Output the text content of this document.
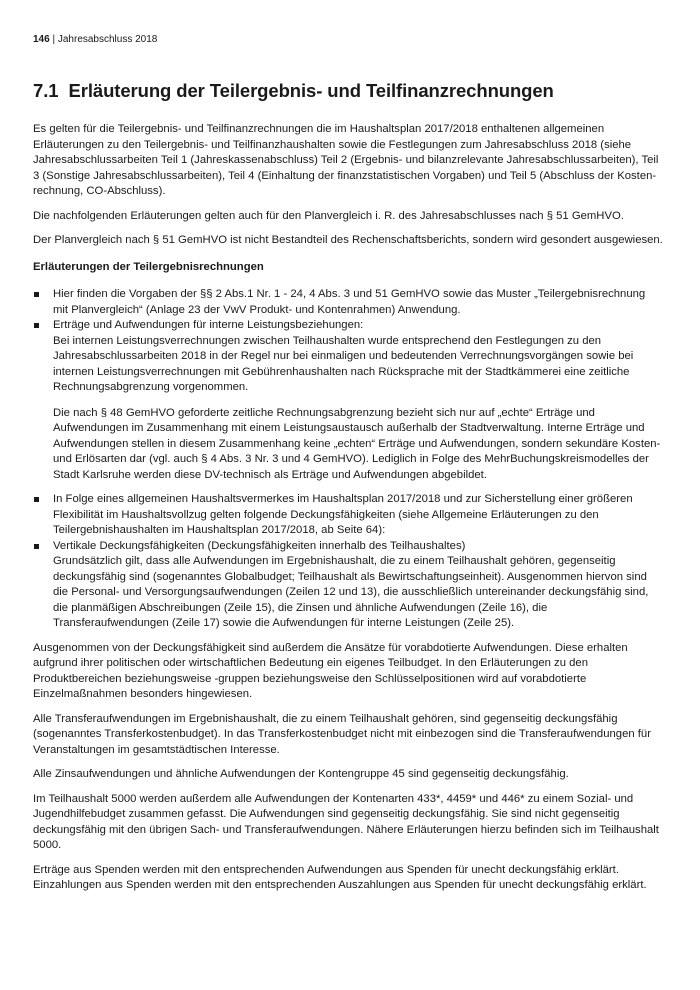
146 | Jahresabschluss 2018
7.1 Erläuterung der Teilergebnis- und Teilfinanzrechnungen

Es gelten für die Teilergebnis- und Teilfinanzrechnungen die im Haushaltsplan 2017/2018 enthaltenen allgemeinen Erläuterungen zu den Teilergebnis- und Teilfinanzhaushalten sowie die Festlegungen zum Jahresabschluss 2018 (siehe Jahresabschlussarbeiten Teil 1 (Jahreskassenabschluss) Teil 2 (Ergebnis- und bilanzrelevante Jahresabschlussarbeiten), Teil 3 (Sonstige Jahresabschlussarbeiten), Teil 4 (Einhaltung der finanzstatistischen Vorgaben) und Teil 5 (Abschluss der Kostenrechnung, CO-Abschluss).

Die nachfolgenden Erläuterungen gelten auch für den Planvergleich i. R. des Jahresabschlusses nach § 51 GemHVO.

Der Planvergleich nach § 51 GemHVO ist nicht Bestandteil des Rechenschaftsberichts, sondern wird gesondert ausgewiesen.

Erläuterungen der Teilergebnisrechnungen

Hier finden die Vorgaben der §§ 2 Abs.1 Nr. 1 - 24, 4 Abs. 3 und 51 GemHVO sowie das Muster „Teilergebnisrechnung mit Planvergleich“ (Anlage 23 der VwV Produkt- und Kontenrahmen) Anwendung.
Erträge und Aufwendungen für interne Leistungsbeziehungen:
Bei internen Leistungsverrechnungen zwischen Teilhaushalten wurde entsprechend den Festlegungen zu den Jahresabschlussarbeiten 2018 in der Regel nur bei einmaligen und bedeutenden Verrechnungsvorgängen sowie bei internen Leistungsverrechnungen mit Gebührenhaushalten nach Rücksprache mit der Stadtkämmerei eine zeitliche Rechnungsabgrenzung vorgenommen.
Die nach § 48 GemHVO geforderte zeitliche Rechnungsabgrenzung bezieht sich nur auf „echte“ Erträge und Aufwendungen im Zusammenhang mit einem Leistungsaustausch außerhalb der Stadtverwaltung. Interne Erträge und Aufwendungen stellen in diesem Zusammenhang keine „echten“ Erträge und Aufwendungen, sondern sekundäre Kosten- und Erlösarten dar (vgl. auch § 4 Abs. 3 Nr. 3 und 4 GemHVO). Lediglich in Folge des MehrBuchungskreismodelles der Stadt Karlsruhe werden diese DV-technisch als Erträge und Aufwendungen abgebildet.
In Folge eines allgemeinen Haushaltsvermerkes im Haushaltsplan 2017/2018 und zur Sicherstellung einer größeren Flexibilität im Haushaltsvollzug gelten folgende Deckungsfähigkeiten (siehe Allgemeine Erläuterungen zu den Teilergebnishaushalten im Haushaltsplan 2017/2018, ab Seite 64):
Vertikale Deckungsfähigkeiten (Deckungsfähigkeiten innerhalb des Teilhaushaltes)
Grundsätzlich gilt, dass alle Aufwendungen im Ergebnishaushalt, die zu einem Teilhaushalt gehören, gegenseitig deckungsfähig sind (sogenanntes Globalbudget; Teilhaushalt als Bewirtschaftungseinheit). Ausgenommen hiervon sind die Personal- und Versorgungsaufwendungen (Zeilen 12 und 13), die ausschließlich untereinander deckungsfähig sind, die planmäßigen Abschreibungen (Zeile 15), die Zinsen und ähnliche Aufwendungen (Zeile 16), die Transferaufwendungen (Zeile 17) sowie die Aufwendungen für interne Leistungen (Zeile 25).

Ausgenommen von der Deckungsfähigkeit sind außerdem die Ansätze für vorabdotierte Aufwendungen. Diese erhalten aufgrund ihrer politischen oder wirtschaftlichen Bedeutung ein eigenes Teilbudget. In den Erläuterungen zu den Produktbereichen beziehungsweise -gruppen beziehungsweise den Schlüsselpositionen wird auf vorabdotierte Einzelmaßnahmen besonders hingewiesen.

Alle Transferaufwendungen im Ergebnishaushalt, die zu einem Teilhaushalt gehören, sind gegenseitig deckungsfähig (sogenanntes Transferkostenbudget). In das Transferkostenbudget nicht mit einbezogen sind die Transferaufwendungen für Veranstaltungen im gesamtstädtischen Interesse.

Alle Zinsaufwendungen und ähnliche Aufwendungen der Kontengruppe 45 sind gegenseitig deckungsfähig.

Im Teilhaushalt 5000 werden außerdem alle Aufwendungen der Kontenarten 433*, 4459* und 446* zu einem Sozial- und Jugendhilfebudget zusammen gefasst. Die Aufwendungen sind gegenseitig deckungsfähig. Sie sind nicht gegenseitig deckungsfähig mit den übrigen Sach- und Transferaufwendungen. Nähere Erläuterungen hierzu befinden sich im Teilhaushalt 5000.

Erträge aus Spenden werden mit den entsprechenden Aufwendungen aus Spenden für unecht deckungsfähig erklärt. Einzahlungen aus Spenden werden mit den entsprechenden Auszahlungen aus Spenden für unecht deckungsfähig erklärt.
